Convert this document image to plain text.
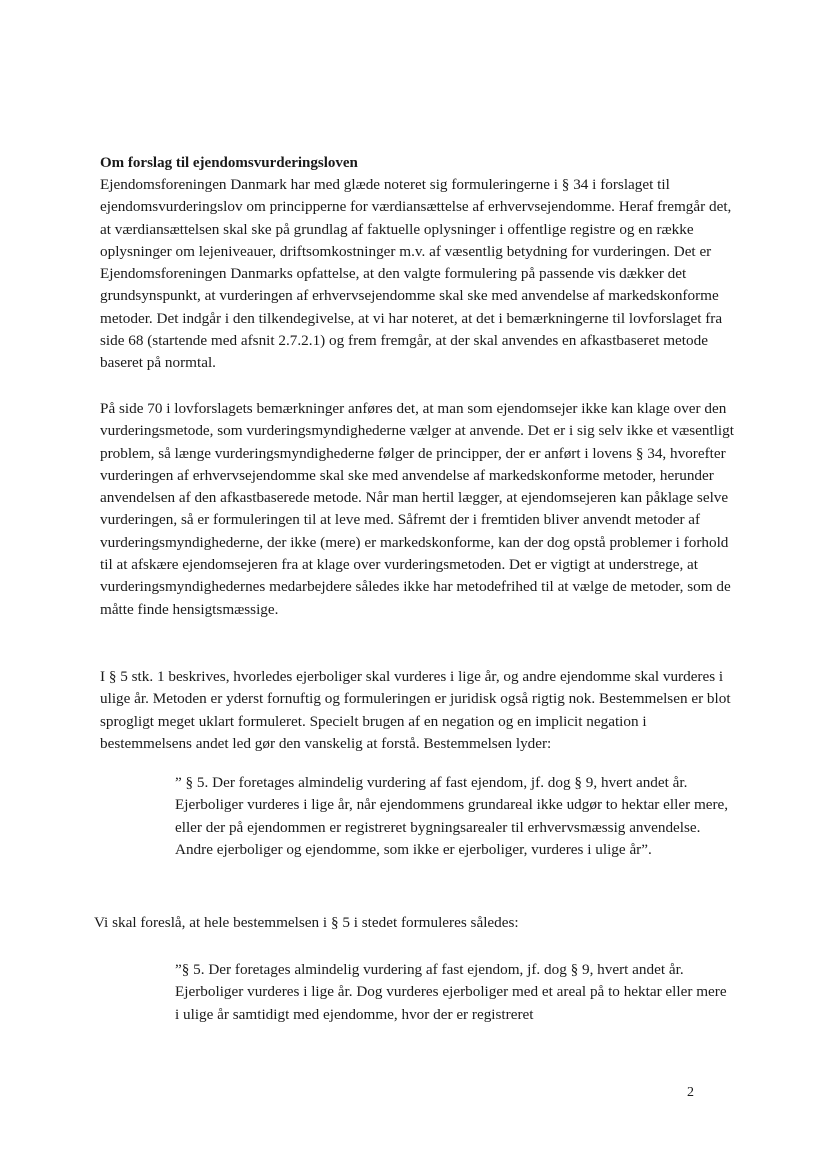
Om forslag til ejendomsvurderingsloven

Ejendomsforeningen Danmark har med glæde noteret sig formuleringerne i § 34 i forslaget til ejendomsvurderingslov om principperne for værdiansættelse af erhvervsejendomme. Heraf fremgår det, at værdiansættelsen skal ske på grundlag af faktuelle oplysninger i offentlige registre og en række oplysninger om lejeniveauer, driftsomkostninger m.v. af væsentlig betydning for vurderingen. Det er Ejendomsforeningen Danmarks opfattelse, at den valgte formulering på passende vis dækker det grundsynspunkt, at vurderingen af erhvervsejendomme skal ske med anvendelse af markedskonforme metoder. Det indgår i den tilkendegivelse, at vi har noteret, at det i bemærkningerne til lovforslaget fra side 68 (startende med afsnit 2.7.2.1) og frem fremgår, at der skal anvendes en afkastbaseret metode baseret på normtal.

På side 70 i lovforslagets bemærkninger anføres det, at man som ejendomsejer ikke kan klage over den vurderingsmetode, som vurderingsmyndighederne vælger at anvende. Det er i sig selv ikke et væsentligt problem, så længe vurderingsmyndighederne følger de principper, der er anført i lovens § 34, hvorefter vurderingen af erhvervsejendomme skal ske med anvendelse af markedskonforme metoder, herunder anvendelsen af den afkastbaserede metode. Når man hertil lægger, at ejendomsejeren kan påklage selve vurderingen, så er formuleringen til at leve med. Såfremt der i fremtiden bliver anvendt metoder af vurderingsmyndighederne, der ikke (mere) er markedskonforme, kan der dog opstå problemer i forhold til at afskære ejendomsejeren fra at klage over vurderingsmetoden. Det er vigtigt at understrege, at vurderingsmyndighedernes medarbejdere således ikke har metodefrihed til at vælge de metoder, som de måtte finde hensigtsmæssige.

I § 5 stk. 1 beskrives, hvorledes ejerboliger skal vurderes i lige år, og andre ejendomme skal vurderes i ulige år. Metoden er yderst fornuftig og formuleringen er juridisk også rigtig nok. Bestemmelsen er blot sprogligt meget uklart formuleret. Specielt brugen af en negation og en implicit negation i bestemmelsens andet led gør den vanskelig at forstå. Bestemmelsen lyder:

” § 5. Der foretages almindelig vurdering af fast ejendom, jf. dog § 9, hvert andet år. Ejerboliger vurderes i lige år, når ejendommens grundareal ikke udgør to hektar eller mere, eller der på ejendommen er registreret bygningsarealer til erhvervsmæssig anvendelse. Andre ejerboliger og ejendomme, som ikke er ejerboliger, vurderes i ulige år”.

Vi skal foreslå, at hele bestemmelsen i § 5 i stedet formuleres således:

”§ 5. Der foretages almindelig vurdering af fast ejendom, jf. dog § 9, hvert andet år. Ejerboliger vurderes i lige år. Dog vurderes ejerboliger med et areal på to hektar eller mere i ulige år samtidigt med ejendomme, hvor der er registreret

2
